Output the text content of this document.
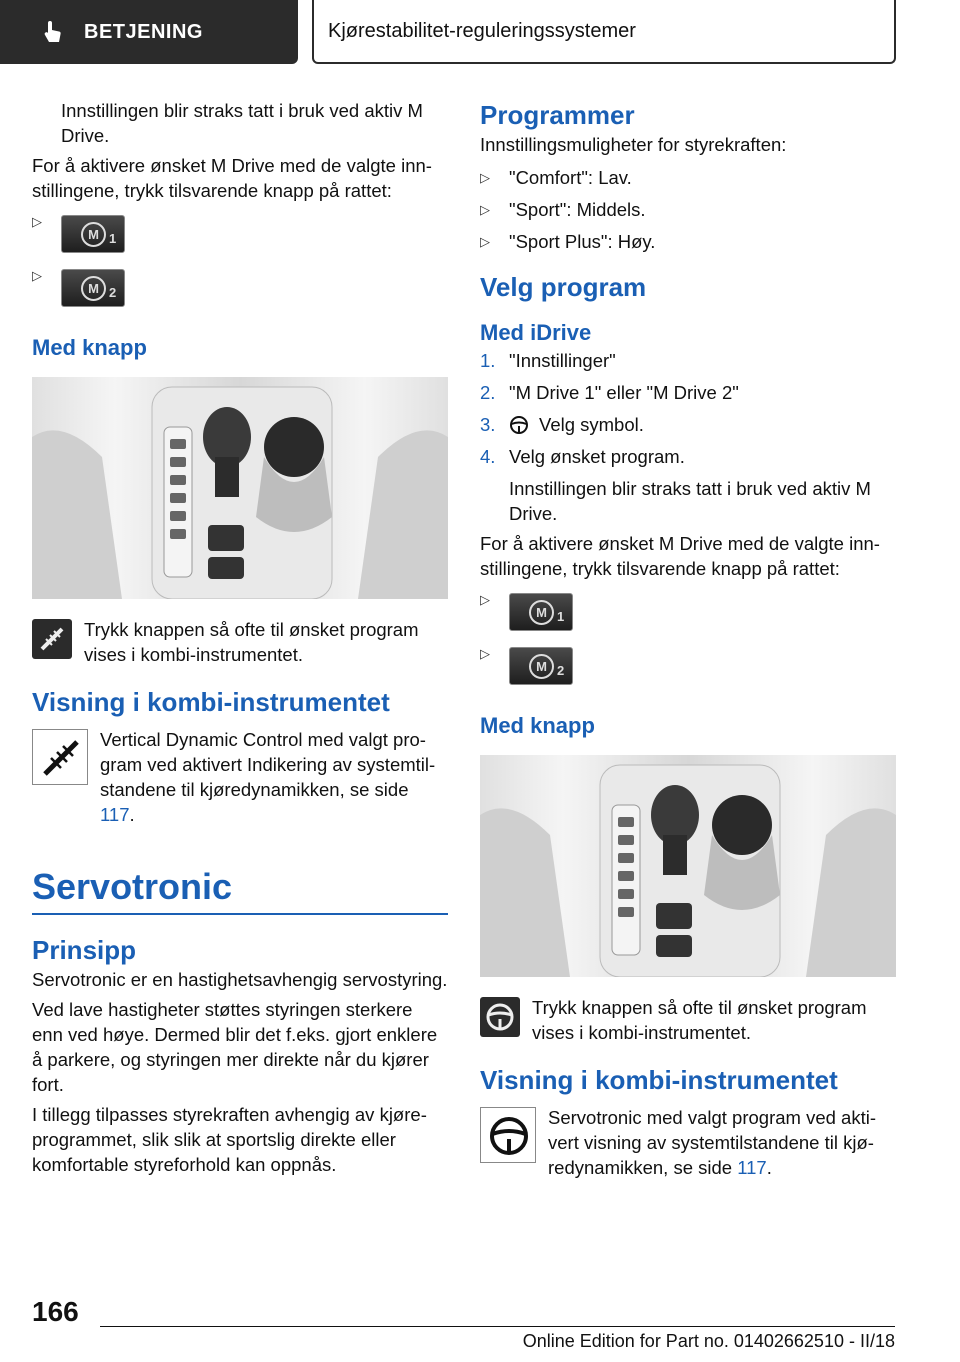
BETJENING	Kjørestabilitet-reguleringssystemer

Innstillingen blir straks tatt i bruk ved aktiv M Drive.

For å aktivere ønsket M Drive med de valgte innstillingene, trykk tilsvarende knapp på rattet:

▷
M 1
▷
M 2
Med knapp

Trykk knappen så ofte til ønsket program vises i kombi-instrumentet.

Visning i kombi-instrumentet

Vertical Dynamic Control med valgt program ved aktivert Indikering av systemtilstandene til kjøredynamikken, se side 117.

Servotronic
Prinsipp

Servotronic er en hastighetsavhengig servostyring.

Ved lave hastigheter støttes styringen sterkere enn ved høye. Dermed blir det f.eks. gjort enklere å parkere, og styringen mer direkte når du kjører fort.

I tillegg tilpasses styrekraften avhengig av kjøreprogrammet, slik slik at sportslig direkte eller komfortable styreforhold kan oppnås.

Programmer

Innstillingsmuligheter for styrekraften:

▷	"Comfort": Lav.
▷	"Sport": Middels.
▷	"Sport Plus": Høy.
Velg program
Med iDrive
1. "Innstillinger"
2. "M Drive 1" eller "M Drive 2"
3.	Velg symbol.
4. Velg ønsket program.

Innstillingen blir straks tatt i bruk ved aktiv M Drive.

For å aktivere ønsket M Drive med de valgte innstillingene, trykk tilsvarende knapp på rattet:

▷
M 1
▷
M 2
Med knapp

Trykk knappen så ofte til ønsket program vises i kombi-instrumentet.

Visning i kombi-instrumentet

Servotronic med valgt program ved aktivert visning av systemtilstandene til kjøredynamikken, se side 117.

166
Online Edition for Part no. 01402662510 - II/18
